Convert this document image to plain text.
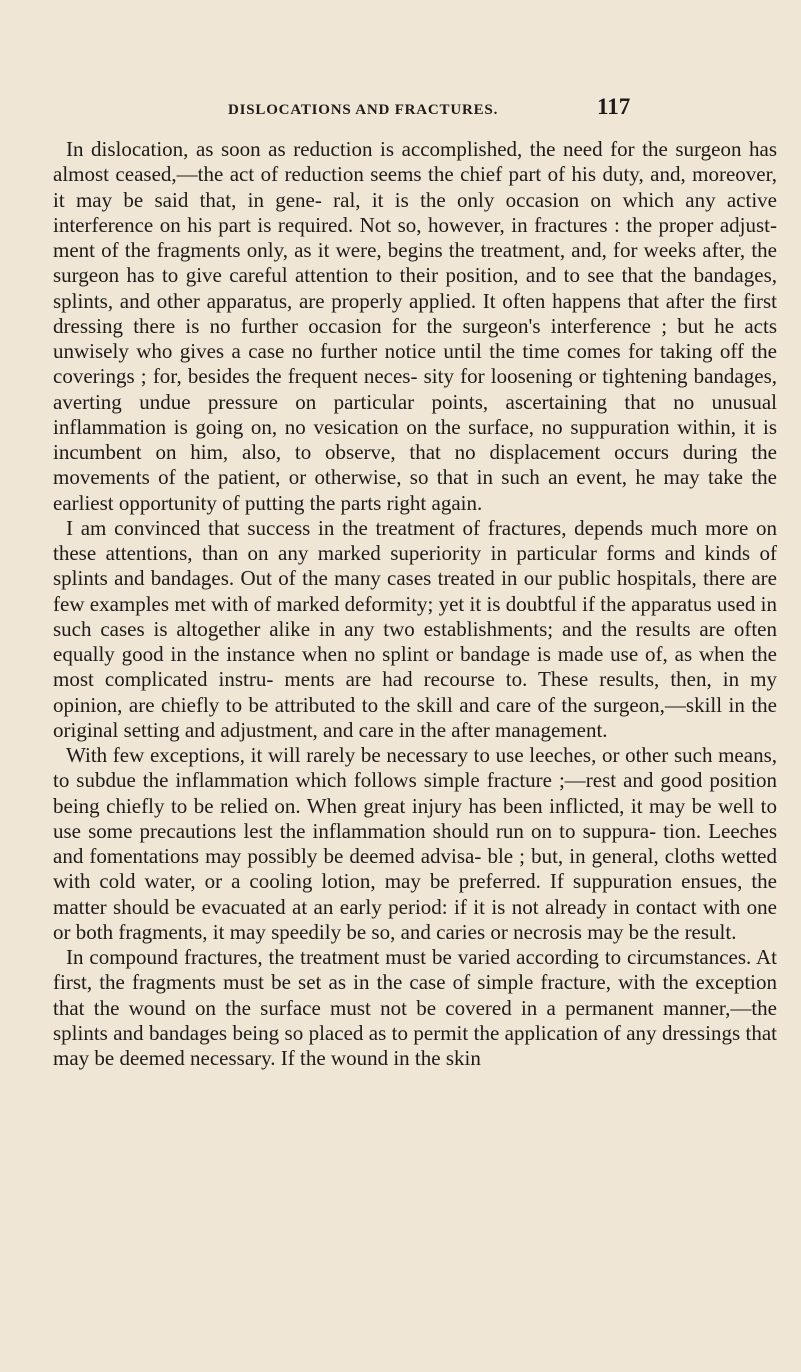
DISLOCATIONS AND FRACTURES.	117

In dislocation, as soon as reduction is accomplished, the need for the surgeon has almost ceased,—the act of reduction seems the chief part of his duty, and, moreover, it may be said that, in gene- ral, it is the only occasion on which any active interference on his part is required. Not so, however, in fractures : the proper adjust- ment of the fragments only, as it were, begins the treatment, and, for weeks after, the surgeon has to give careful attention to their position, and to see that the bandages, splints, and other apparatus, are properly applied. It often happens that after the first dressing there is no further occasion for the surgeon's interference ; but he acts unwisely who gives a case no further notice until the time comes for taking off the coverings ; for, besides the frequent neces- sity for loosening or tightening bandages, averting undue pressure on particular points, ascertaining that no unusual inflammation is going on, no vesication on the surface, no suppuration within, it is incumbent on him, also, to observe, that no displacement occurs during the movements of the patient, or otherwise, so that in such an event, he may take the earliest opportunity of putting the parts right again.

I am convinced that success in the treatment of fractures, depends much more on these attentions, than on any marked superiority in particular forms and kinds of splints and bandages. Out of the many cases treated in our public hospitals, there are few examples met with of marked deformity; yet it is doubtful if the apparatus used in such cases is altogether alike in any two establishments; and the results are often equally good in the instance when no splint or bandage is made use of, as when the most complicated instru- ments are had recourse to. These results, then, in my opinion, are chiefly to be attributed to the skill and care of the surgeon,—skill in the original setting and adjustment, and care in the after management.

With few exceptions, it will rarely be necessary to use leeches, or other such means, to subdue the inflammation which follows simple fracture ;—rest and good position being chiefly to be relied on. When great injury has been inflicted, it may be well to use some precautions lest the inflammation should run on to suppura- tion. Leeches and fomentations may possibly be deemed advisa- ble ; but, in general, cloths wetted with cold water, or a cooling lotion, may be preferred. If suppuration ensues, the matter should be evacuated at an early period: if it is not already in contact with one or both fragments, it may speedily be so, and caries or necrosis may be the result.

In compound fractures, the treatment must be varied according to circumstances. At first, the fragments must be set as in the case of simple fracture, with the exception that the wound on the surface must not be covered in a permanent manner,—the splints and bandages being so placed as to permit the application of any dressings that may be deemed necessary. If the wound in the skin
